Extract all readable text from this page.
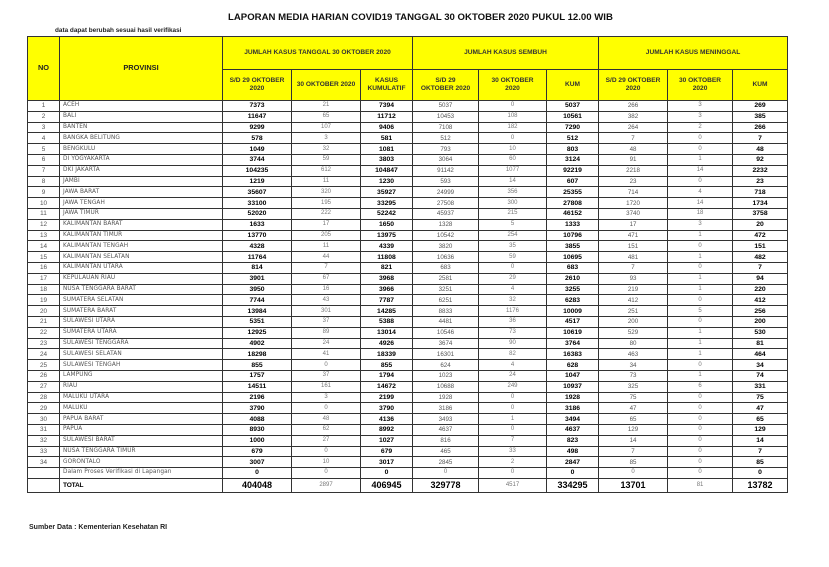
LAPORAN MEDIA HARIAN COVID19 TANGGAL 30 OKTOBER 2020 PUKUL 12.00 WIB
data dapat berubah sesuai hasil verifikasi
NO	PROVINSI	JUMLAH KASUS TANGGAL 30 OKTOBER 2020			JUMLAH KASUS SEMBUH			JUMLAH KASUS MENINGGAL		
		S/D 29 OKTOBER 2020	30 OKTOBER 2020	KASUS KUMULATIF	S/D 29 OKTOBER 2020	30 OKTOBER 2020	KUM	S/D 29 OKTOBER 2020	30 OKTOBER 2020	KUM
1	ACEH	7373	21	7394	5037	0	5037	266	3	269
2	BALI	11647	65	11712	10453	108	10561	382	3	385
3	BANTEN	9299	107	9406	7108	182	7290	264	2	266
4	BANGKA BELITUNG	578	3	581	512	0	512	7	0	7
5	BENGKULU	1049	32	1081	793	10	803	48	0	48
6	DI YOGYAKARTA	3744	59	3803	3064	60	3124	91	1	92
7	DKI JAKARTA	104235	612	104847	91142	1077	92219	2218	14	2232
8	JAMBI	1219	11	1230	593	14	607	23	0	23
9	JAWA BARAT	35607	320	35927	24999	356	25355	714	4	718
10	JAWA TENGAH	33100	195	33295	27508	300	27808	1720	14	1734
11	JAWA TIMUR	52020	222	52242	45937	215	46152	3740	18	3758
12	KALIMANTAN BARAT	1633	17	1650	1328	5	1333	17	3	20
13	KALIMANTAN TIMUR	13770	205	13975	10542	254	10796	471	1	472
14	KALIMANTAN TENGAH	4328	11	4339	3820	35	3855	151	0	151
15	KALIMANTAN SELATAN	11764	44	11808	10636	59	10695	481	1	482
16	KALIMANTAN UTARA	814	7	821	683	0	683	7	0	7
17	KEPULAUAN RIAU	3901	67	3968	2581	29	2610	93	1	94
18	NUSA TENGGARA BARAT	3950	16	3966	3251	4	3255	219	1	220
19	SUMATERA SELATAN	7744	43	7787	6251	32	6283	412	0	412
20	SUMATERA BARAT	13984	301	14285	8833	1176	10009	251	5	256
21	SULAWESI UTARA	5351	37	5388	4481	36	4517	200	0	200
22	SUMATERA UTARA	12925	89	13014	10546	73	10619	529	1	530
23	SULAWESI TENGGARA	4902	24	4926	3674	90	3764	80	1	81
24	SULAWESI SELATAN	18298	41	18339	16301	82	16383	463	1	464
25	SULAWESI TENGAH	855	0	855	624	4	628	34	0	34
26	LAMPUNG	1757	37	1794	1023	24	1047	73	1	74
27	RIAU	14511	161	14672	10688	249	10937	325	6	331
28	MALUKU UTARA	2196	3	2199	1928	0	1928	75	0	75
29	MALUKU	3790	0	3790	3186	0	3186	47	0	47
30	PAPUA BARAT	4088	48	4136	3493	1	3494	65	0	65
31	PAPUA	8930	62	8992	4637	0	4637	129	0	129
32	SULAWESI BARAT	1000	27	1027	816	7	823	14	0	14
33	NUSA TENGGARA TIMUR	679	0	679	465	33	498	7	0	7
34	GORONTALO	3007	10	3017	2845	2	2847	85	0	85
	Dalam Proses Verifikasi di Lapangan	0	0	0	0	0	0	0	0	0
	TOTAL	404048	2897	406945	329778	4517	334295	13701	81	13782
Sumber Data : Kementerian Kesehatan RI
